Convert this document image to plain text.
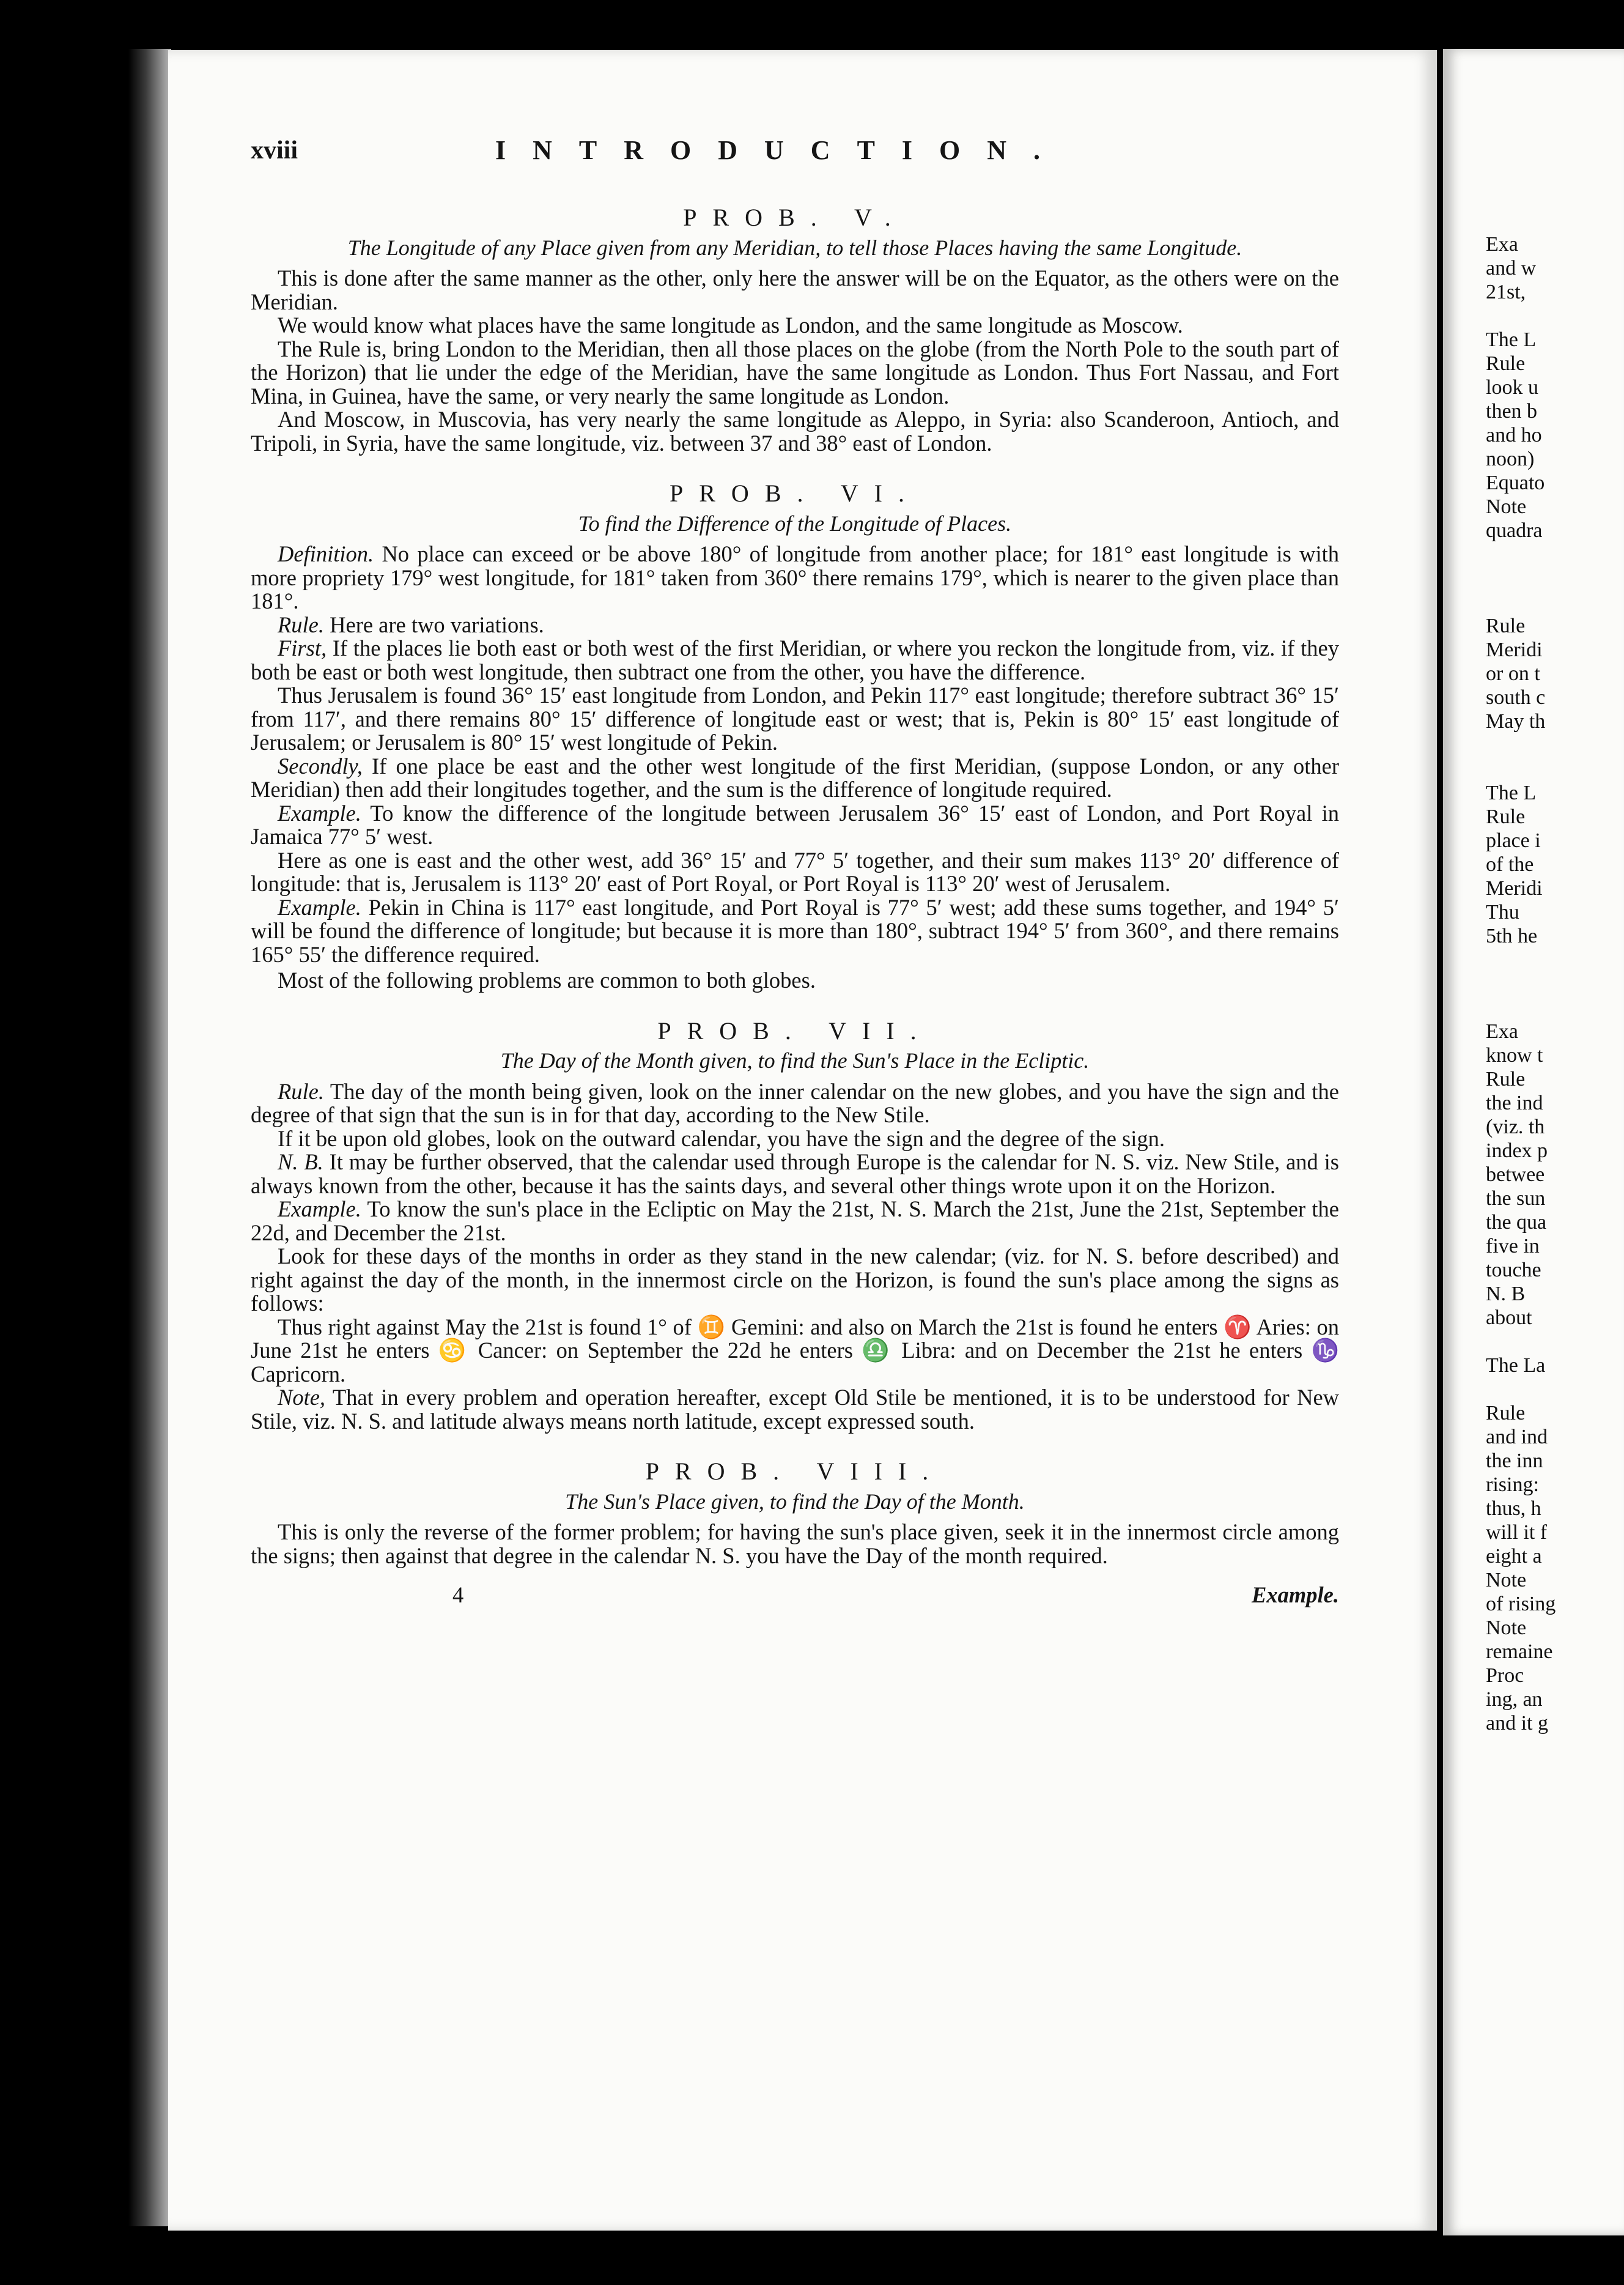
xviii	INTRODUCTION.
PROB. V.
The Longitude of any Place given from any Meridian, to tell those Places having the same Longitude.

This is done after the same manner as the other, only here the answer will be on the Equator, as the others were on the Meridian.

We would know what places have the same longitude as London, and the same longitude as Moscow.

The Rule is, bring London to the Meridian, then all those places on the globe (from the North Pole to the south part of the Horizon) that lie under the edge of the Meridian, have the same longitude as London. Thus Fort Nassau, and Fort Mina, in Guinea, have the same, or very nearly the same longitude as London.

And Moscow, in Muscovia, has very nearly the same longitude as Aleppo, in Syria: also Scanderoon, Antioch, and Tripoli, in Syria, have the same longitude, viz. between 37 and 38° east of London.

PROB. VI.
To find the Difference of the Longitude of Places.

Definition. No place can exceed or be above 180° of longitude from another place; for 181° east longitude is with more propriety 179° west longitude, for 181° taken from 360° there remains 179°, which is nearer to the given place than 181°.

Rule. Here are two variations.

First, If the places lie both east or both west of the first Meridian, or where you reckon the longitude from, viz. if they both be east or both west longitude, then subtract one from the other, you have the difference.

Thus Jerusalem is found 36° 15′ east longitude from London, and Pekin 117° east longitude; therefore subtract 36° 15′ from 117′, and there remains 80° 15′ difference of longitude east or west; that is, Pekin is 80° 15′ east longitude of Jerusalem; or Jerusalem is 80° 15′ west longitude of Pekin.

Secondly, If one place be east and the other west longitude of the first Meridian, (suppose London, or any other Meridian) then add their longitudes together, and the sum is the difference of longitude required.

Example. To know the difference of the longitude between Jerusalem 36° 15′ east of London, and Port Royal in Jamaica 77° 5′ west.

Here as one is east and the other west, add 36° 15′ and 77° 5′ together, and their sum makes 113° 20′ difference of longitude: that is, Jerusalem is 113° 20′ east of Port Royal, or Port Royal is 113° 20′ west of Jerusalem.

Example. Pekin in China is 117° east longitude, and Port Royal is 77° 5′ west; add these sums together, and 194° 5′ will be found the difference of longitude; but because it is more than 180°, subtract 194° 5′ from 360°, and there remains 165° 55′ the difference required.

Most of the following problems are common to both globes.

PROB. VII.
The Day of the Month given, to find the Sun's Place in the Ecliptic.

Rule. The day of the month being given, look on the inner calendar on the new globes, and you have the sign and the degree of that sign that the sun is in for that day, according to the New Stile.

If it be upon old globes, look on the outward calendar, you have the sign and the degree of the sign.

N. B. It may be further observed, that the calendar used through Europe is the calendar for N. S. viz. New Stile, and is always known from the other, because it has the saints days, and several other things wrote upon it on the Horizon.

Example. To know the sun's place in the Ecliptic on May the 21st, N. S. March the 21st, June the 21st, September the 22d, and December the 21st.

Look for these days of the months in order as they stand in the new calendar; (viz. for N. S. before described) and right against the day of the month, in the innermost circle on the Horizon, is found the sun's place among the signs as follows:

Thus right against May the 21st is found 1° of ♊ Gemini: and also on March the 21st is found he enters ♈ Aries: on June 21st he enters ♋ Cancer: on September the 22d he enters ♎ Libra: and on December the 21st he enters ♑ Capricorn.

Note, That in every problem and operation hereafter, except Old Stile be mentioned, it is to be understood for New Stile, viz. N. S. and latitude always means north latitude, except expressed south.

PROB. VIII.
The Sun's Place given, to find the Day of the Month.

This is only the reverse of the former problem; for having the sun's place given, seek it in the innermost circle among the signs; then against that degree in the calendar N. S. you have the Day of the month required.

4	Example.
Exa
and w
21st,

The L
Rule
look u
then b
and ho
noon)
Equato
Note
quadra

Rule
Meridi
or on t
south c
May th

The L
Rule
place i
of the
Meridi
Thu
5th he

Exa
know t
Rule
the ind
(viz. th
index p
betwee
the sun
the qua
five in
touche
N. B
about

The La

Rule
and ind
the inn
rising:
thus, h
will it f
eight a
Note
of rising
Note
remaine
Proc
ing, an
and it g
